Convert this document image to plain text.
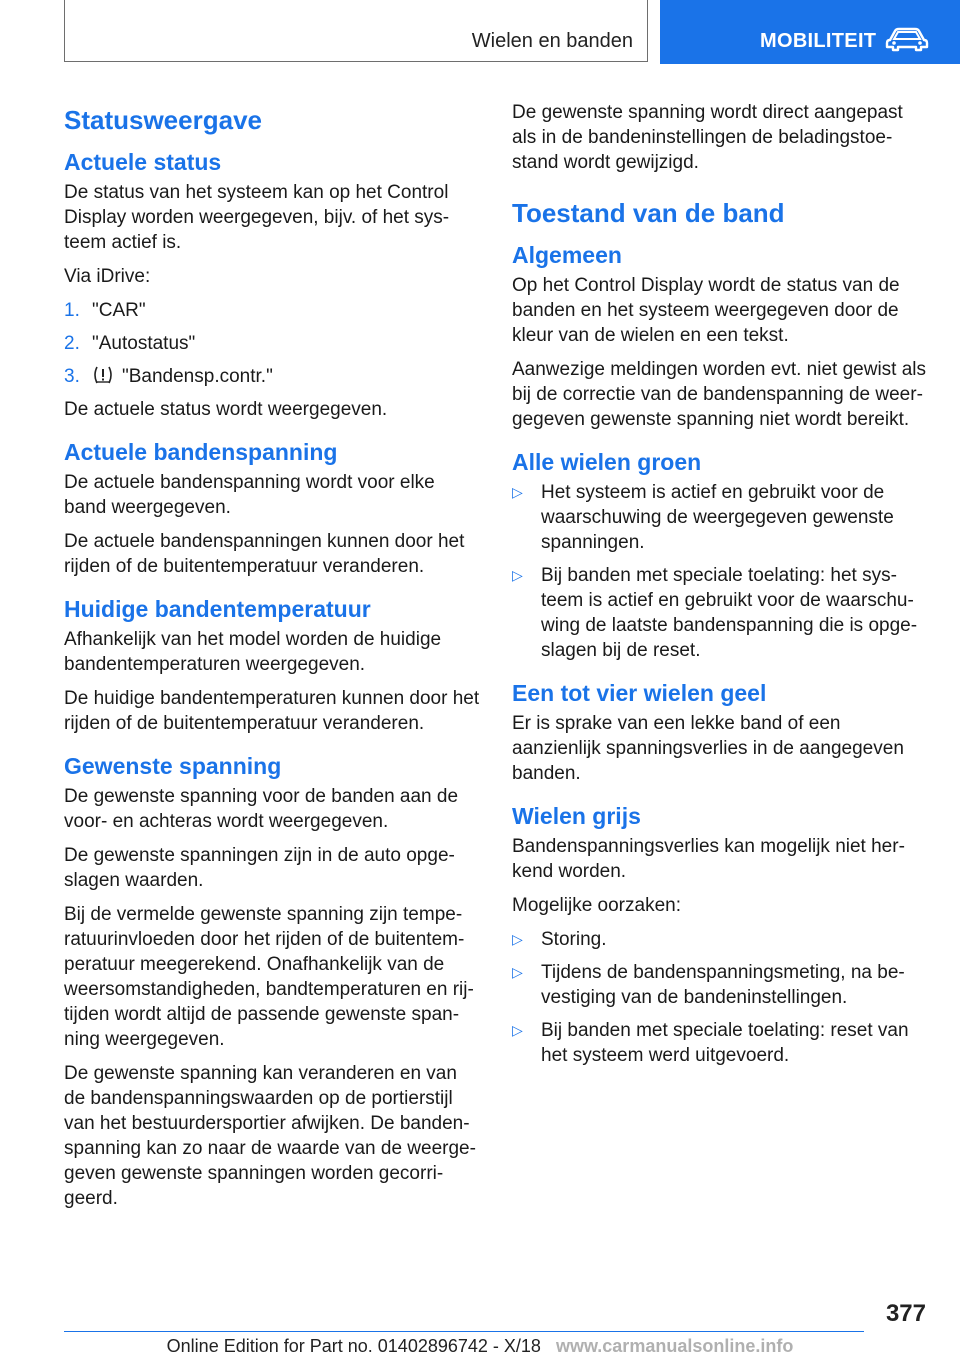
Wielen en banden	MOBILITEIT
Statusweergave
Actuele status

De status van het systeem kan op het Control Display worden weergegeven, bijv. of het systeem actief is.

Via iDrive:

1. "CAR"
2. "Autostatus"
3.	"Bandensp.contr."

De actuele status wordt weergegeven.

Actuele bandenspanning

De actuele bandenspanning wordt voor elke band weergegeven.

De actuele bandenspanningen kunnen door het rijden of de buitentemperatuur veranderen.

Huidige bandentemperatuur

Afhankelijk van het model worden de huidige bandentemperaturen weergegeven.

De huidige bandentemperaturen kunnen door het rijden of de buitentemperatuur veranderen.

Gewenste spanning

De gewenste spanning voor de banden aan de voor- en achteras wordt weergegeven.

De gewenste spanningen zijn in de auto opgeslagen waarden.

Bij de vermelde gewenste spanning zijn temperatuurinvloeden door het rijden of de buitentemperatuur meegerekend. Onafhankelijk van de weersomstandigheden, bandtemperaturen en rijtijden wordt altijd de passende gewenste spanning weergegeven.

De gewenste spanning kan veranderen en van de bandenspanningswaarden op de portierstijl van het bestuurdersportier afwijken. De bandenspanning kan zo naar de waarde van de weergegeven gewenste spanningen worden gecorrigeerd.

De gewenste spanning wordt direct aangepast als in de bandeninstellingen de beladingstoestand wordt gewijzigd.

Toestand van de band
Algemeen

Op het Control Display wordt de status van de banden en het systeem weergegeven door de kleur van de wielen en een tekst.

Aanwezige meldingen worden evt. niet gewist als bij de correctie van de bandenspanning de weergegeven gewenste spanning niet wordt bereikt.

Alle wielen groen
▷ Het systeem is actief en gebruikt voor de waarschuwing de weergegeven gewenste spanningen.
▷ Bij banden met speciale toelating: het systeem is actief en gebruikt voor de waarschuwing de laatste bandenspanning die is opgeslagen bij de reset.
Een tot vier wielen geel

Er is sprake van een lekke band of een aanzienlijk spanningsverlies in de aangegeven banden.

Wielen grijs

Bandenspanningsverlies kan mogelijk niet herkend worden.

Mogelijke oorzaken:

▷ Storing.
▷ Tijdens de bandenspanningsmeting, na bevestiging van de bandeninstellingen.
▷ Bij banden met speciale toelating: reset van het systeem werd uitgevoerd.
377
Online Edition for Part no. 01402896742 - X/18 www.carmanualsonline.info
